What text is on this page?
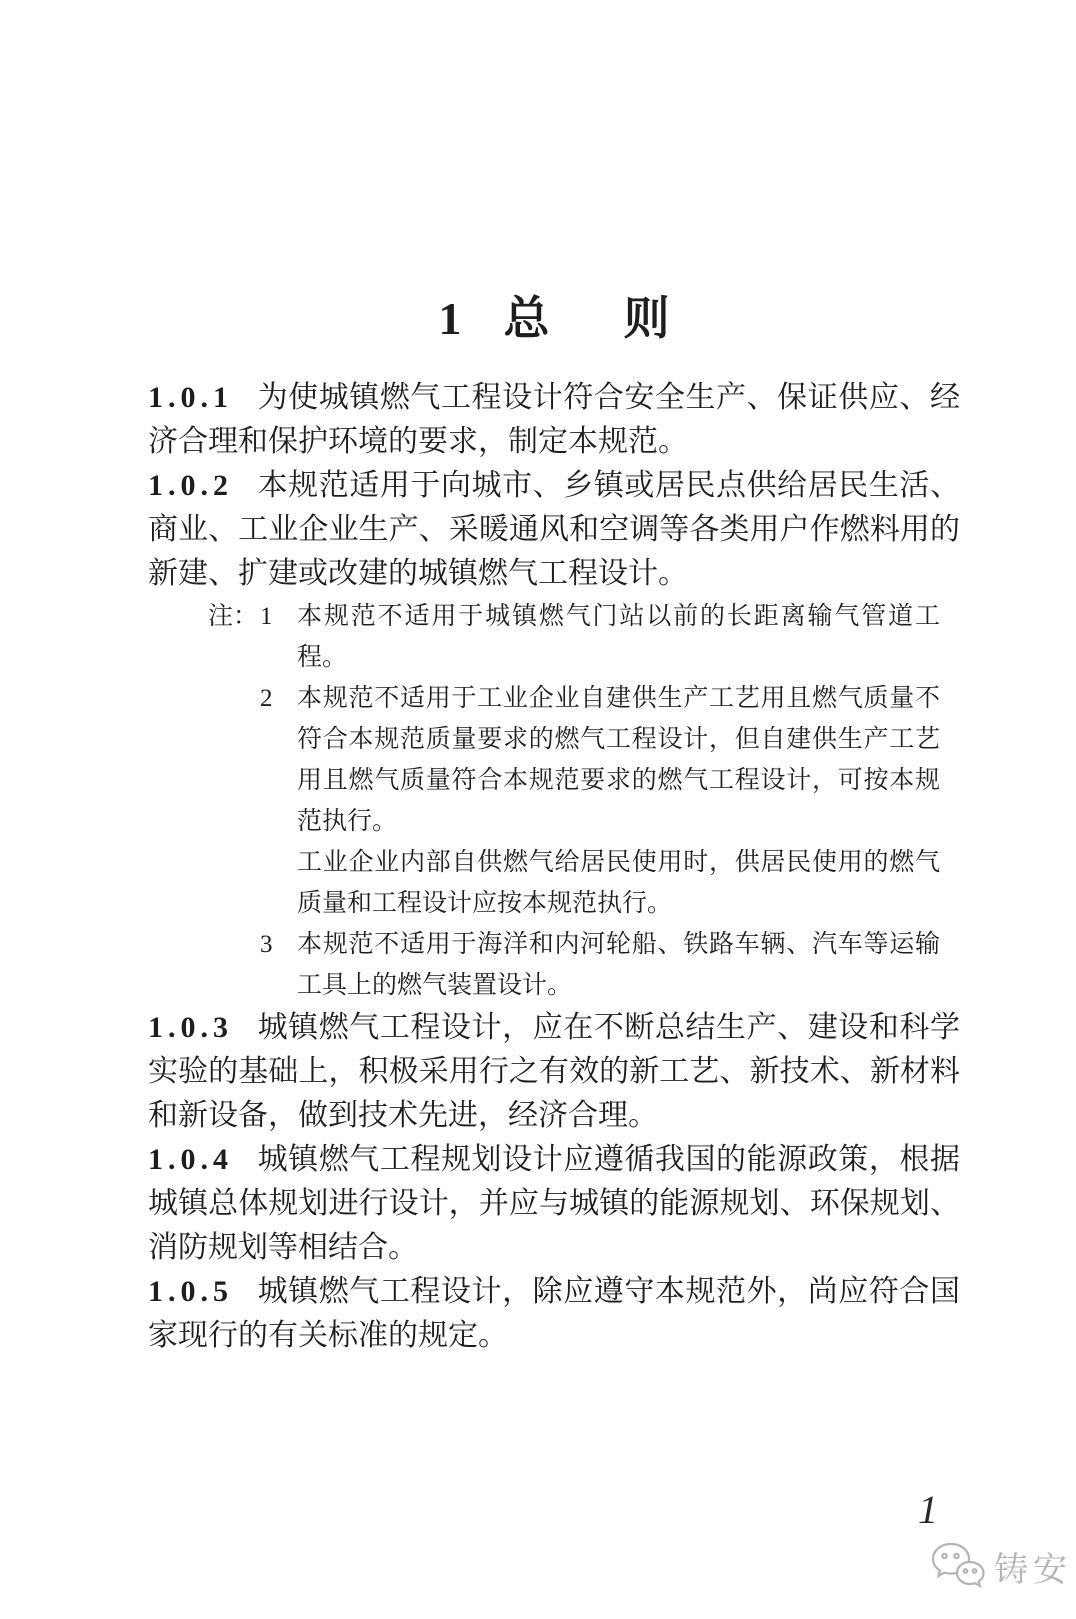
1 总 则

1.0.1 为使城镇燃气工程设计符合安全生产、保证供应、经济合理和保护环境的要求，制定本规范。

1.0.2 本规范适用于向城市、乡镇或居民点供给居民生活、商业、工业企业生产、采暖通风和空调等各类用户作燃料用的新建、扩建或改建的城镇燃气工程设计。

注： 1 本规范不适用于城镇燃气门站以前的长距离输气管道工程。

2 本规范不适用于工业企业自建供生产工艺用且燃气质量不符合本规范质量要求的燃气工程设计，但自建供生产工艺用且燃气质量符合本规范要求的燃气工程设计，可按本规范执行。

工业企业内部自供燃气给居民使用时，供居民使用的燃气质量和工程设计应按本规范执行。

3 本规范不适用于海洋和内河轮船、铁路车辆、汽车等运输工具上的燃气装置设计。

1.0.3 城镇燃气工程设计，应在不断总结生产、建设和科学实验的基础上，积极采用行之有效的新工艺、新技术、新材料和新设备，做到技术先进，经济合理。

1.0.4 城镇燃气工程规划设计应遵循我国的能源政策，根据城镇总体规划进行设计，并应与城镇的能源规划、环保规划、消防规划等相结合。

1.0.5 城镇燃气工程设计，除应遵守本规范外，尚应符合国家现行的有关标准的规定。

1
铸安
